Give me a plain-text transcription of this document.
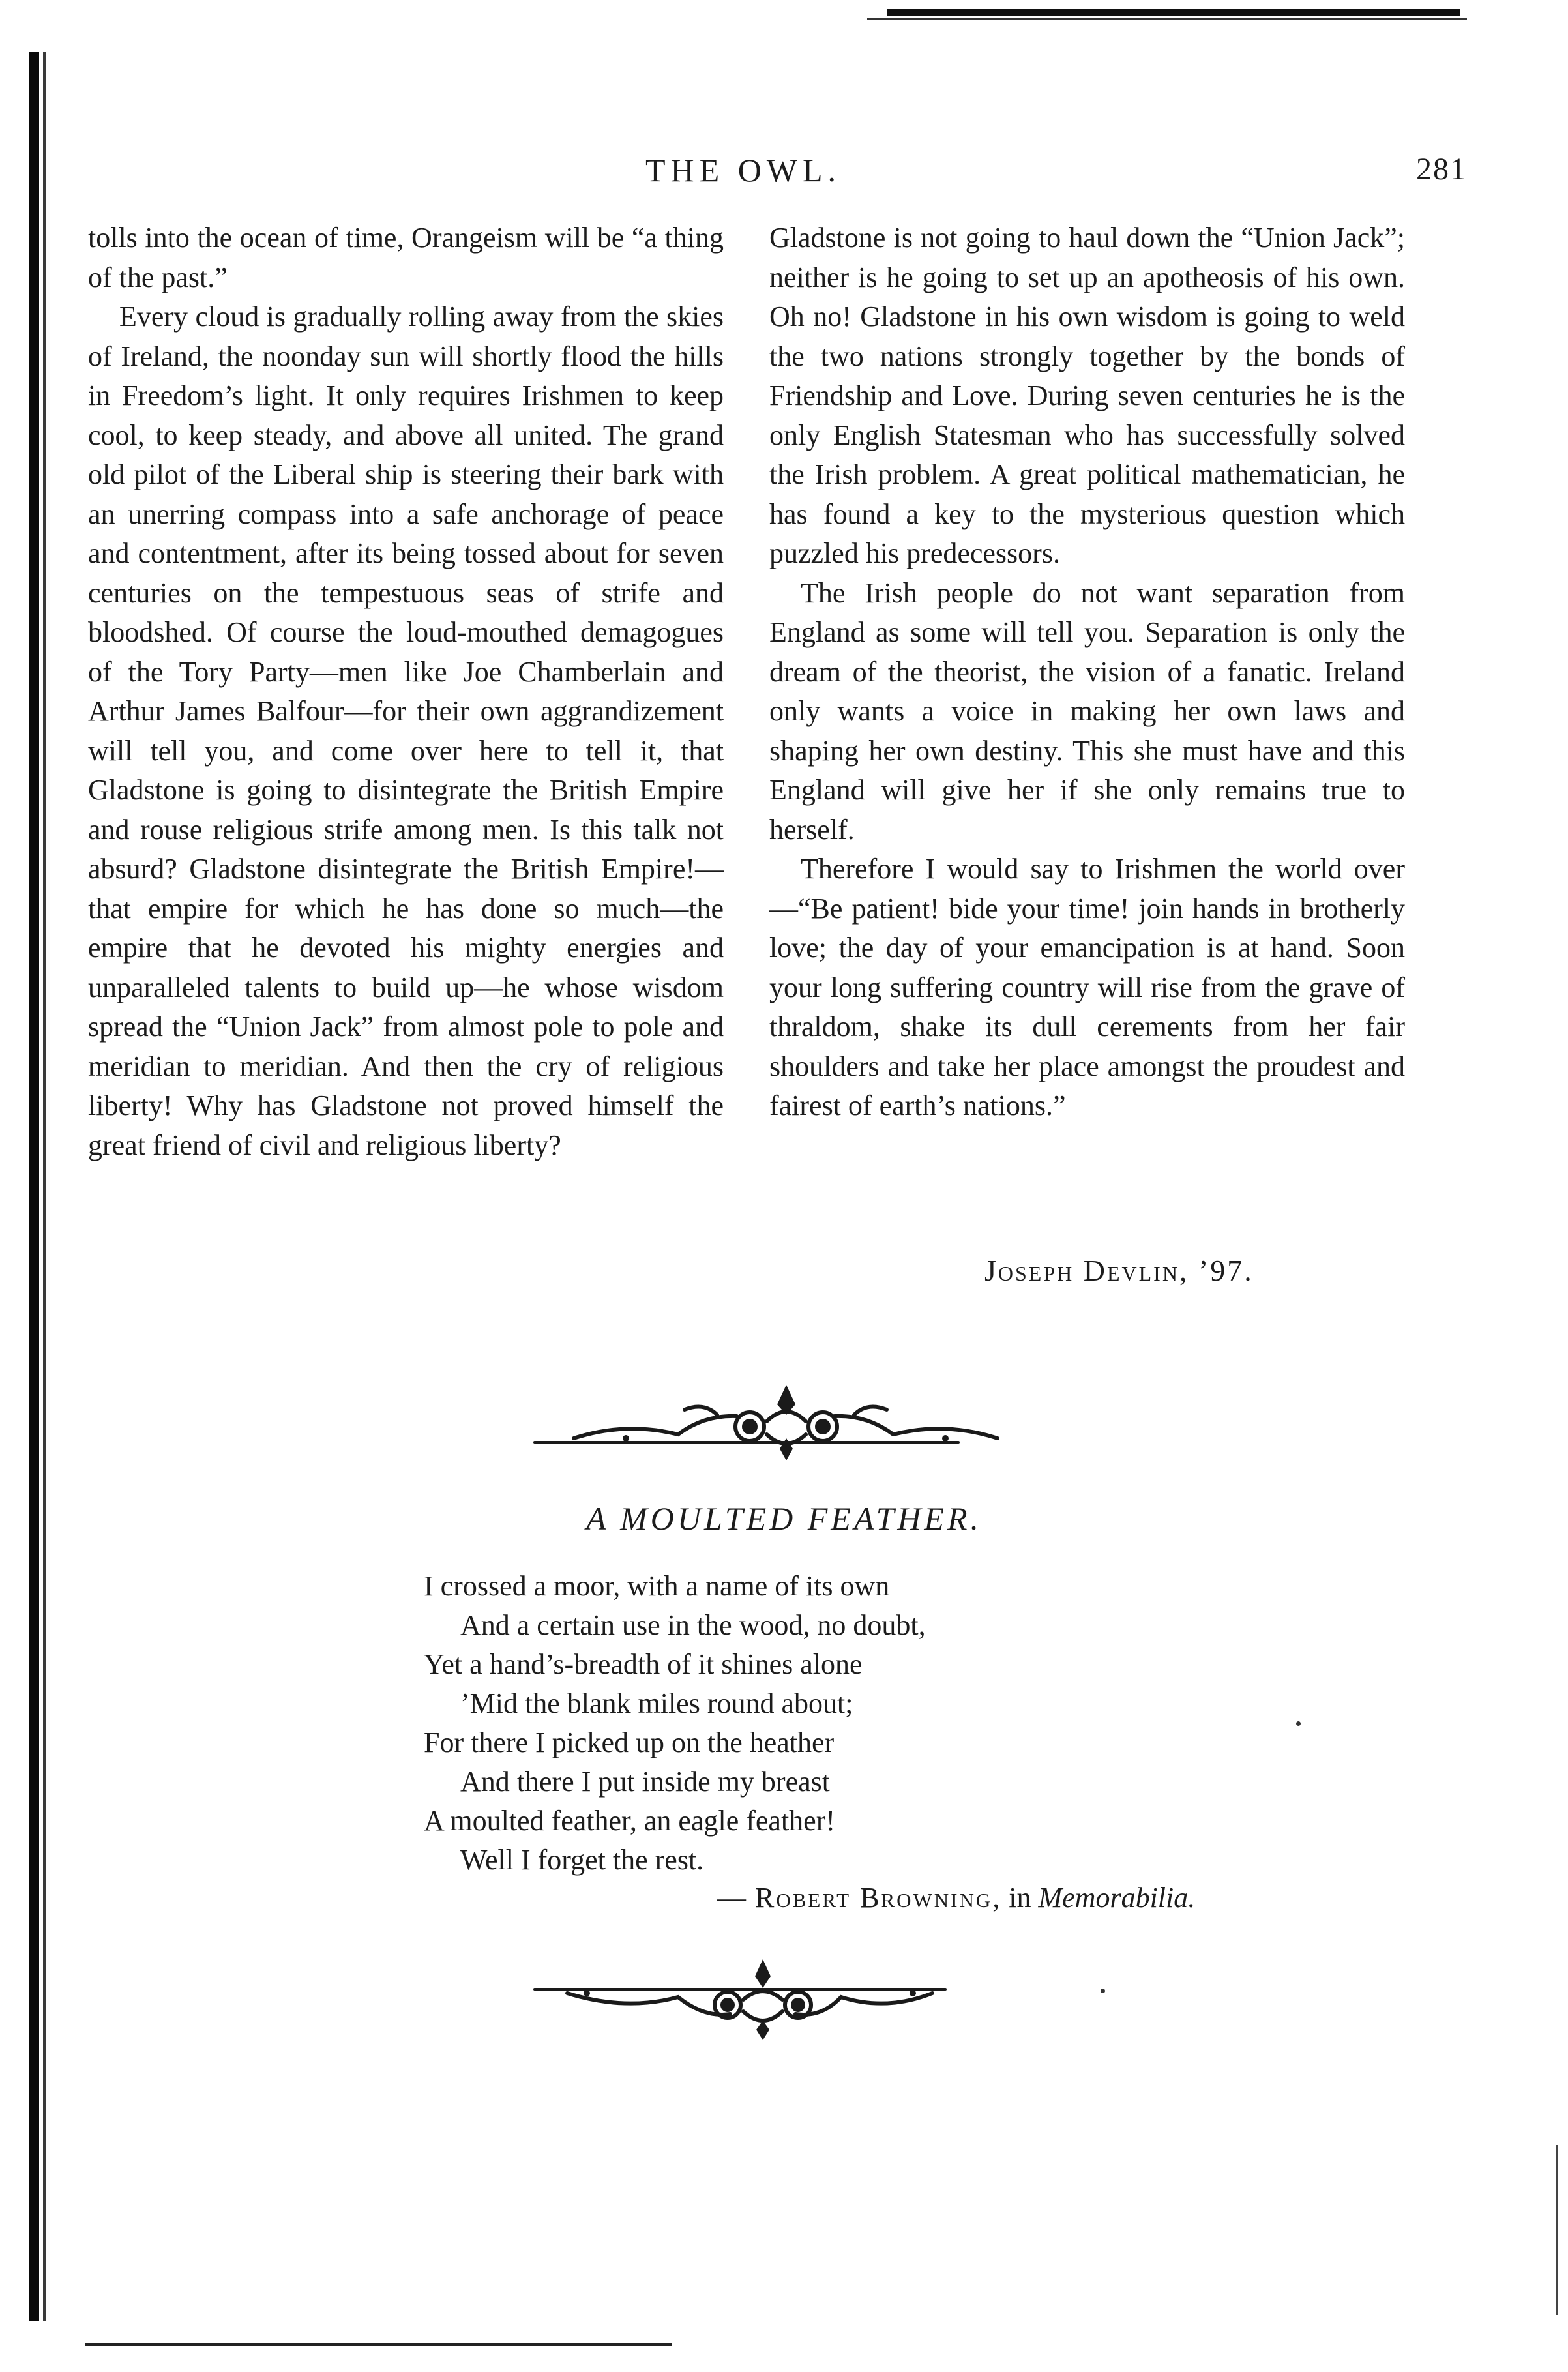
THE OWL.	281

tolls into the ocean of time, Orangeism will be “a thing of the past.”

Every cloud is gradually rolling away from the skies of Ireland, the noonday sun will shortly flood the hills in Freedom’s light. It only requires Irishmen to keep cool, to keep steady, and above all united. The grand old pilot of the Liberal ship is steering their bark with an unerring compass into a safe anchorage of peace and contentment, after its being tossed about for seven centuries on the tempestuous seas of strife and bloodshed. Of course the loud-mouthed demagogues of the Tory Party—men like Joe Chamberlain and Arthur James Balfour—for their own aggrandizement will tell you, and come over here to tell it, that Gladstone is going to disintegrate the British Empire and rouse religious strife among men. Is this talk not absurd? Gladstone disintegrate the British Empire!—that empire for which he has done so much—the empire that he devoted his mighty energies and unparalleled talents to build up—he whose wisdom spread the “Union Jack” from almost pole to pole and meridian to meridian. And then the cry of religious liberty! Why has Gladstone not proved himself the great friend of civil and religious liberty?

Gladstone is not going to haul down the “Union Jack”; neither is he going to set up an apotheosis of his own. Oh no! Gladstone in his own wisdom is going to weld the two nations strongly together by the bonds of Friendship and Love. During seven centuries he is the only English Statesman who has successfully solved the Irish problem. A great political mathematician, he has found a key to the mysterious question which puzzled his predecessors.

The Irish people do not want separation from England as some will tell you. Separation is only the dream of the theorist, the vision of a fanatic. Ireland only wants a voice in making her own laws and shaping her own destiny. This she must have and this England will give her if she only remains true to herself.

Therefore I would say to Irishmen the world over—“Be patient! bide your time! join hands in brotherly love; the day of your emancipation is at hand. Soon your long suffering country will rise from the grave of thraldom, shake its dull cerements from her fair shoulders and take her place amongst the proudest and fairest of earth’s nations.”

Joseph Devlin, ’97.
A MOULTED FEATHER.
I crossed a moor, with a name of its own
And a certain use in the wood, no doubt,
Yet a hand’s-breadth of it shines alone
’Mid the blank miles round about;
For there I picked up on the heather
And there I put inside my breast
A moulted feather, an eagle feather!
Well I forget the rest.
— Robert Browning, in Memorabilia.
